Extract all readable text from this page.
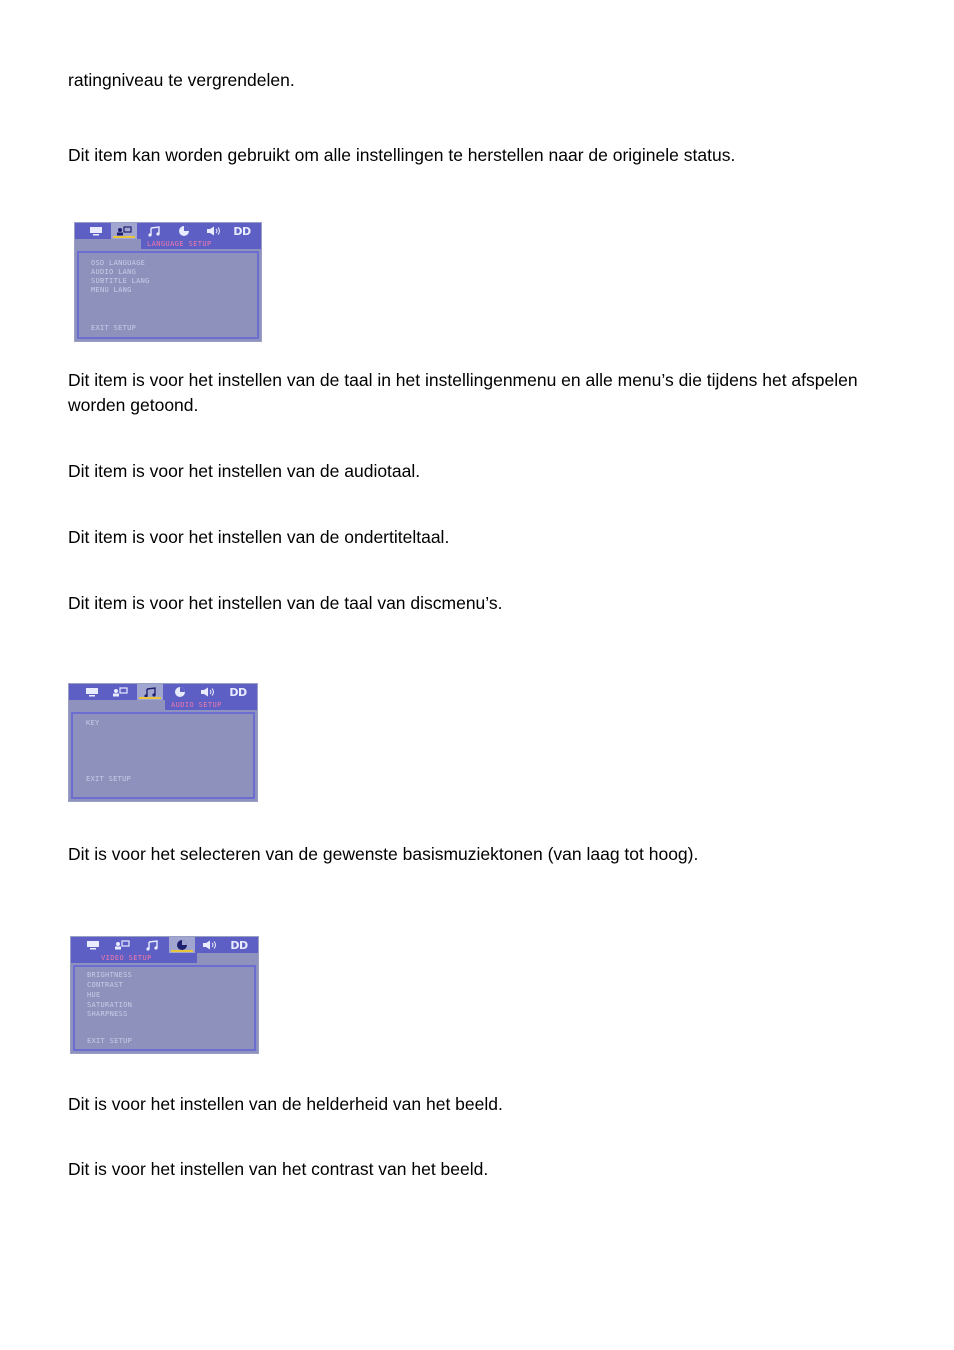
ratingniveau te vergrendelen.

Dit item kan worden gebruikt om alle instellingen te herstellen naar de originele status.

DD
LANGUAGE SETUP
OSD LANGUAGE
AUDIO LANG
SUBTITLE LANG
MENU LANG
EXIT SETUP

Dit item is voor het instellen van de taal in het instellingenmenu en alle menu’s die tijdens het afspelen worden getoond.

Dit item is voor het instellen van de audiotaal.

Dit item is voor het instellen van de ondertiteltaal.

Dit item is voor het instellen van de taal van discmenu’s.

DD
AUDIO SETUP
KEY
EXIT SETUP

Dit is voor het selecteren van de gewenste basismuziektonen (van laag tot hoog).

DD
VIDEO SETUP
BRIGHTNESS
CONTRAST
HUE
SATURATION
SHARPNESS
EXIT SETUP

Dit is voor het instellen van de helderheid van het beeld.

Dit is voor het instellen van het contrast van het beeld.
